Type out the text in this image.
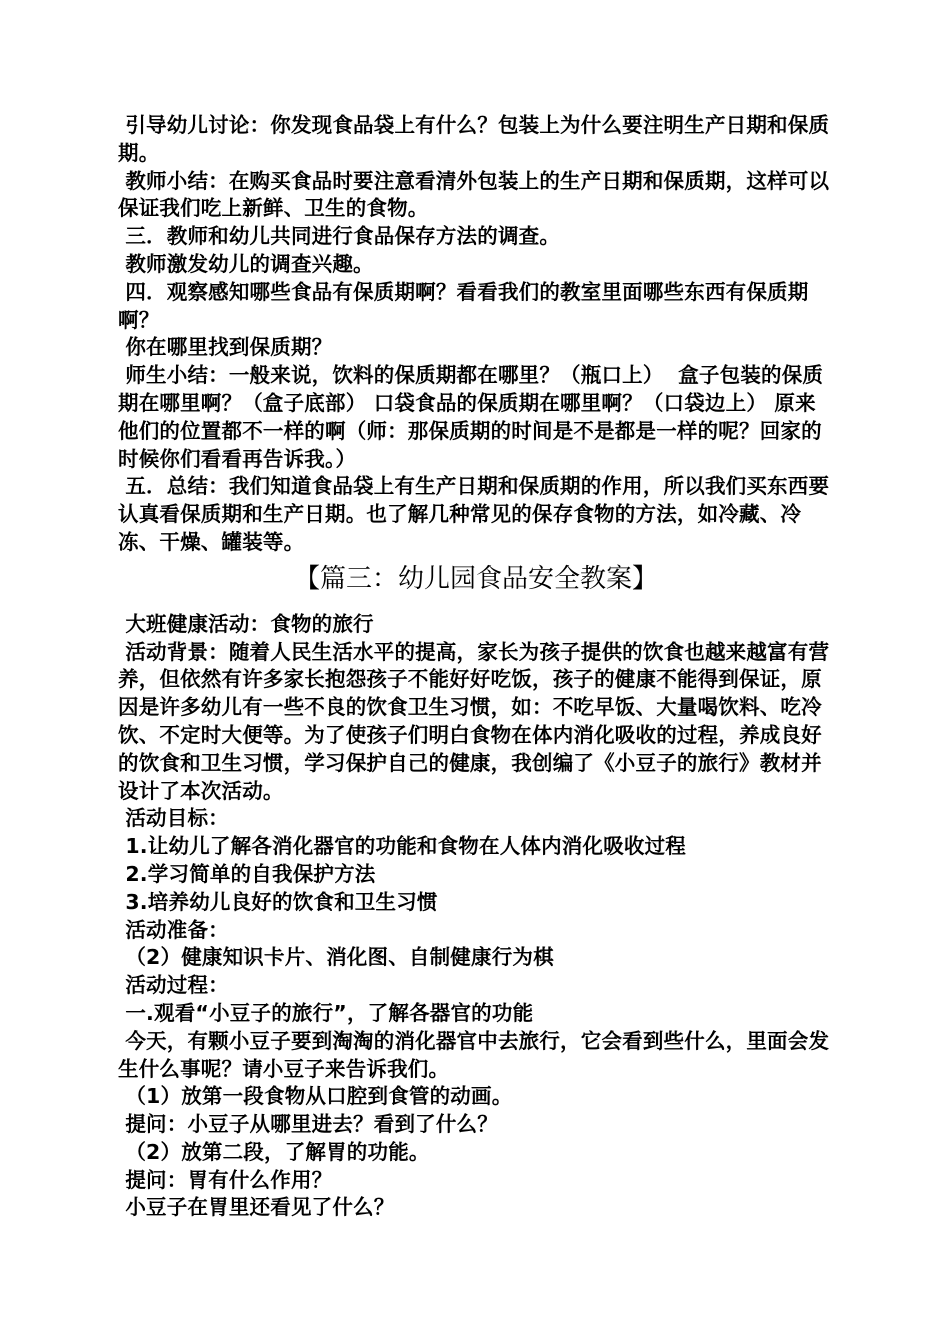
引导幼儿讨论：你发现食品袋上有什么？包装上为什么要注明生产日期和保质期。

教师小结：在购买食品时要注意看清外包装上的生产日期和保质期，这样可以保证我们吃上新鲜、卫生的食物。

三．教师和幼儿共同进行食品保存方法的调查。

教师激发幼儿的调查兴趣。

四．观察感知哪些食品有保质期啊？看看我们的教室里面哪些东西有保质期啊？

你在哪里找到保质期？

师生小结：一般来说，饮料的保质期都在哪里？（瓶口上）  盒子包装的保质期在哪里啊？（盒子底部） 口袋食品的保质期在哪里啊？（口袋边上） 原来他们的位置都不一样的啊（师：那保质期的时间是不是都是一样的呢？回家的时候你们看看再告诉我。）

五．总结：我们知道食品袋上有生产日期和保质期的作用，所以我们买东西要认真看保质期和生产日期。也了解几种常见的保存食物的方法，如冷藏、冷冻、干燥、罐装等。

【篇三：幼儿园食品安全教案】

大班健康活动：食物的旅行

活动背景：随着人民生活水平的提高，家长为孩子提供的饮食也越来越富有营养，但依然有许多家长抱怨孩子不能好好吃饭，孩子的健康不能得到保证，原因是许多幼儿有一些不良的饮食卫生习惯，如：不吃早饭、大量喝饮料、吃冷饮、不定时大便等。为了使孩子们明白食物在体内消化吸收的过程，养成良好的饮食和卫生习惯，学习保护自己的健康，我创编了《小豆子的旅行》教材并设计了本次活动。

活动目标：

1.让幼儿了解各消化器官的功能和食物在人体内消化吸收过程

2.学习简单的自我保护方法

3.培养幼儿良好的饮食和卫生习惯

活动准备：

（2）健康知识卡片、消化图、自制健康行为棋

活动过程：

一.观看“小豆子的旅行”，了解各器官的功能

今天，有颗小豆子要到淘淘的消化器官中去旅行，它会看到些什么，里面会发生什么事呢？请小豆子来告诉我们。

（1）放第一段食物从口腔到食管的动画。

提问：小豆子从哪里进去？看到了什么？

（2）放第二段，了解胃的功能。

提问：胃有什么作用？

小豆子在胃里还看见了什么？
